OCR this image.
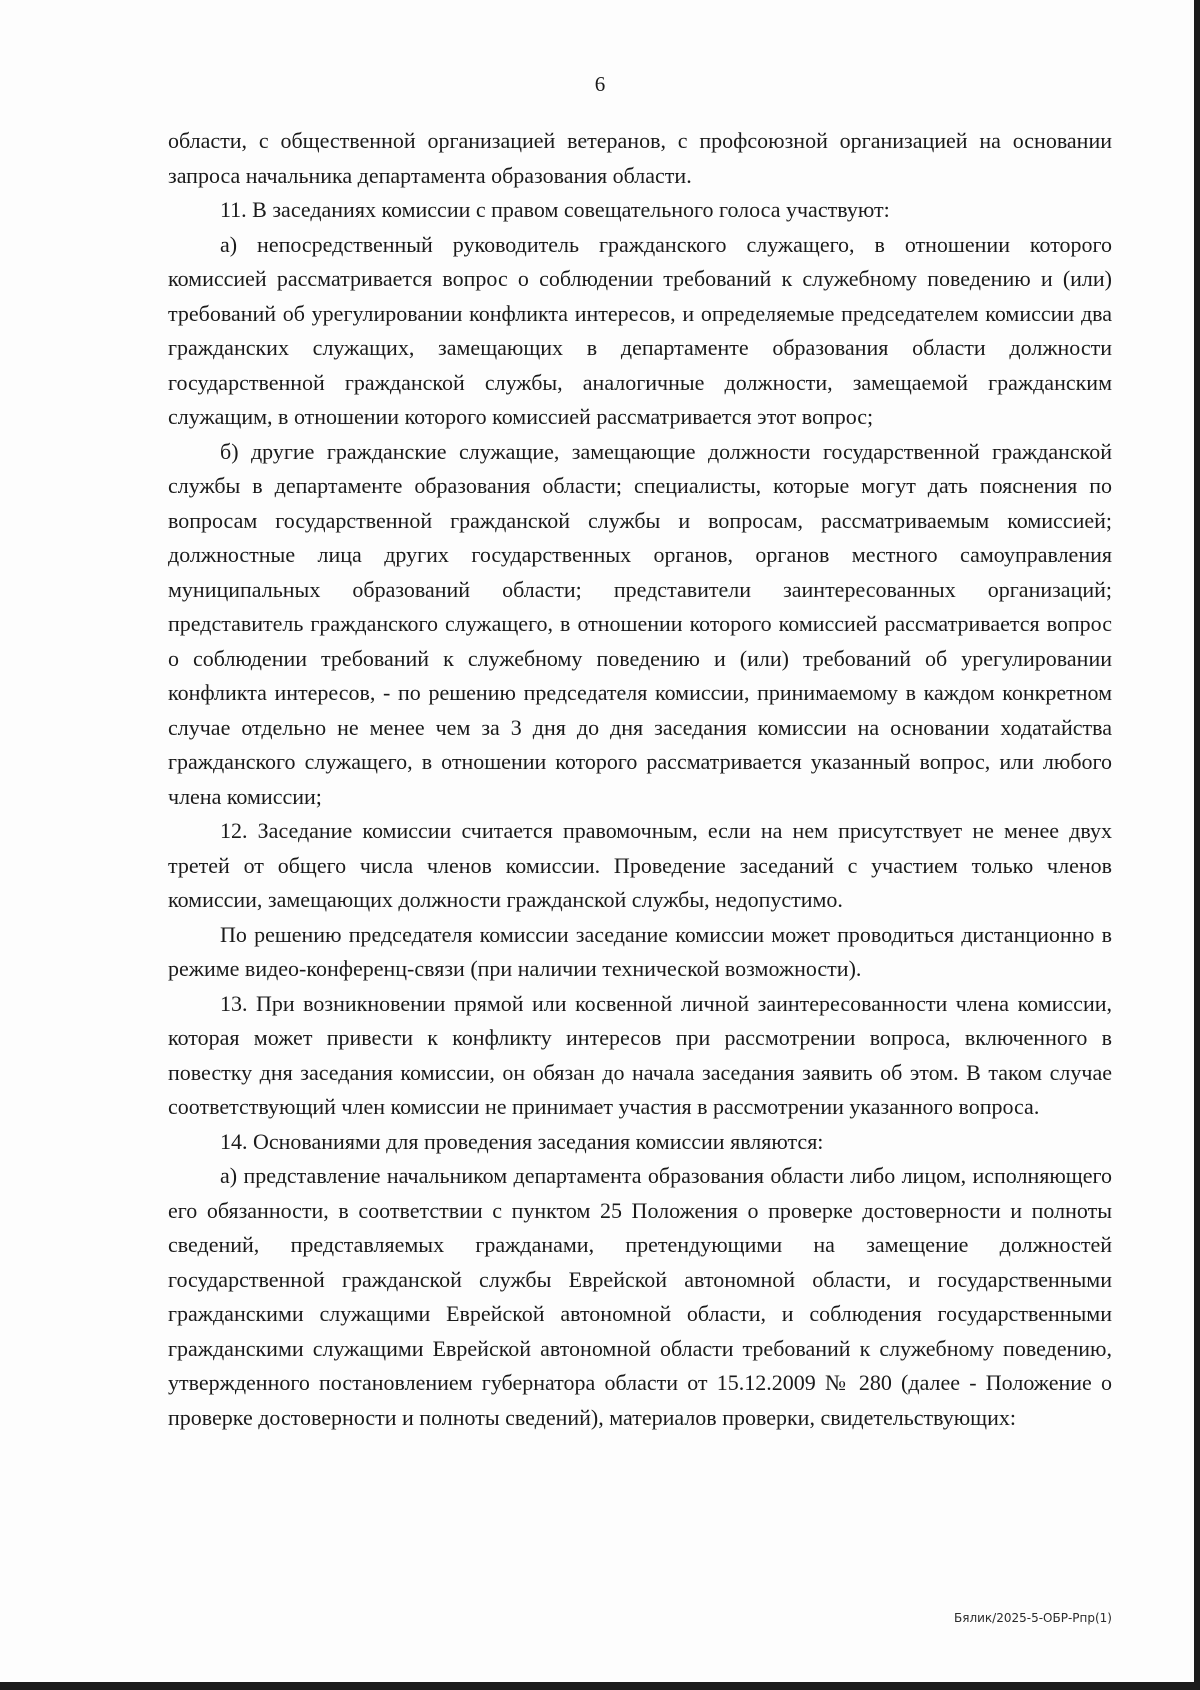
6

области, с общественной организацией ветеранов, с профсоюзной организацией на основании запроса начальника департамента образования области.

11. В заседаниях комиссии с правом совещательного голоса участвуют:

а) непосредственный руководитель гражданского служащего, в отношении которого комиссией рассматривается вопрос о соблюдении требований к служебному поведению и (или) требований об урегулировании конфликта интересов, и определяемые председателем комиссии два гражданских служащих, замещающих в департаменте образования области должности государственной гражданской службы, аналогичные должности, замещаемой гражданским служащим, в отношении которого комиссией рассматривается этот вопрос;

б) другие гражданские служащие, замещающие должности государственной гражданской службы в департаменте образования области; специалисты, которые могут дать пояснения по вопросам государственной гражданской службы и вопросам, рассматриваемым комиссией; должностные лица других государственных органов, органов местного самоуправления муниципальных образований области; представители заинтересованных организаций; представитель гражданского служащего, в отношении которого комиссией рассматривается вопрос о соблюдении требований к служебному поведению и (или) требований об урегулировании конфликта интересов, - по решению председателя комиссии, принимаемому в каждом конкретном случае отдельно не менее чем за 3 дня до дня заседания комиссии на основании ходатайства гражданского служащего, в отношении которого рассматривается указанный вопрос, или любого члена комиссии;

12. Заседание комиссии считается правомочным, если на нем присутствует не менее двух третей от общего числа членов комиссии. Проведение заседаний с участием только членов комиссии, замещающих должности гражданской службы, недопустимо.

По решению председателя комиссии заседание комиссии может проводиться дистанционно в режиме видео-конференц-связи (при наличии технической возможности).

13. При возникновении прямой или косвенной личной заинтересованности члена комиссии, которая может привести к конфликту интересов при рассмотрении вопроса, включенного в повестку дня заседания комиссии, он обязан до начала заседания заявить об этом. В таком случае соответствующий член комиссии не принимает участия в рассмотрении указанного вопроса.

14. Основаниями для проведения заседания комиссии являются:

а) представление начальником департамента образования области либо лицом, исполняющего его обязанности, в соответствии с пунктом 25 Положения о проверке достоверности и полноты сведений, представляемых гражданами, претендующими на замещение должностей государственной гражданской службы Еврейской автономной области, и государственными гражданскими служащими Еврейской автономной области, и соблюдения государственными гражданскими служащими Еврейской автономной области требований к служебному поведению, утвержденного постановлением губернатора области от 15.12.2009 № 280 (далее - Положение о проверке достоверности и полноты сведений), материалов проверки, свидетельствующих:

Бялик/2025-5-ОБР-Рпр(1)
